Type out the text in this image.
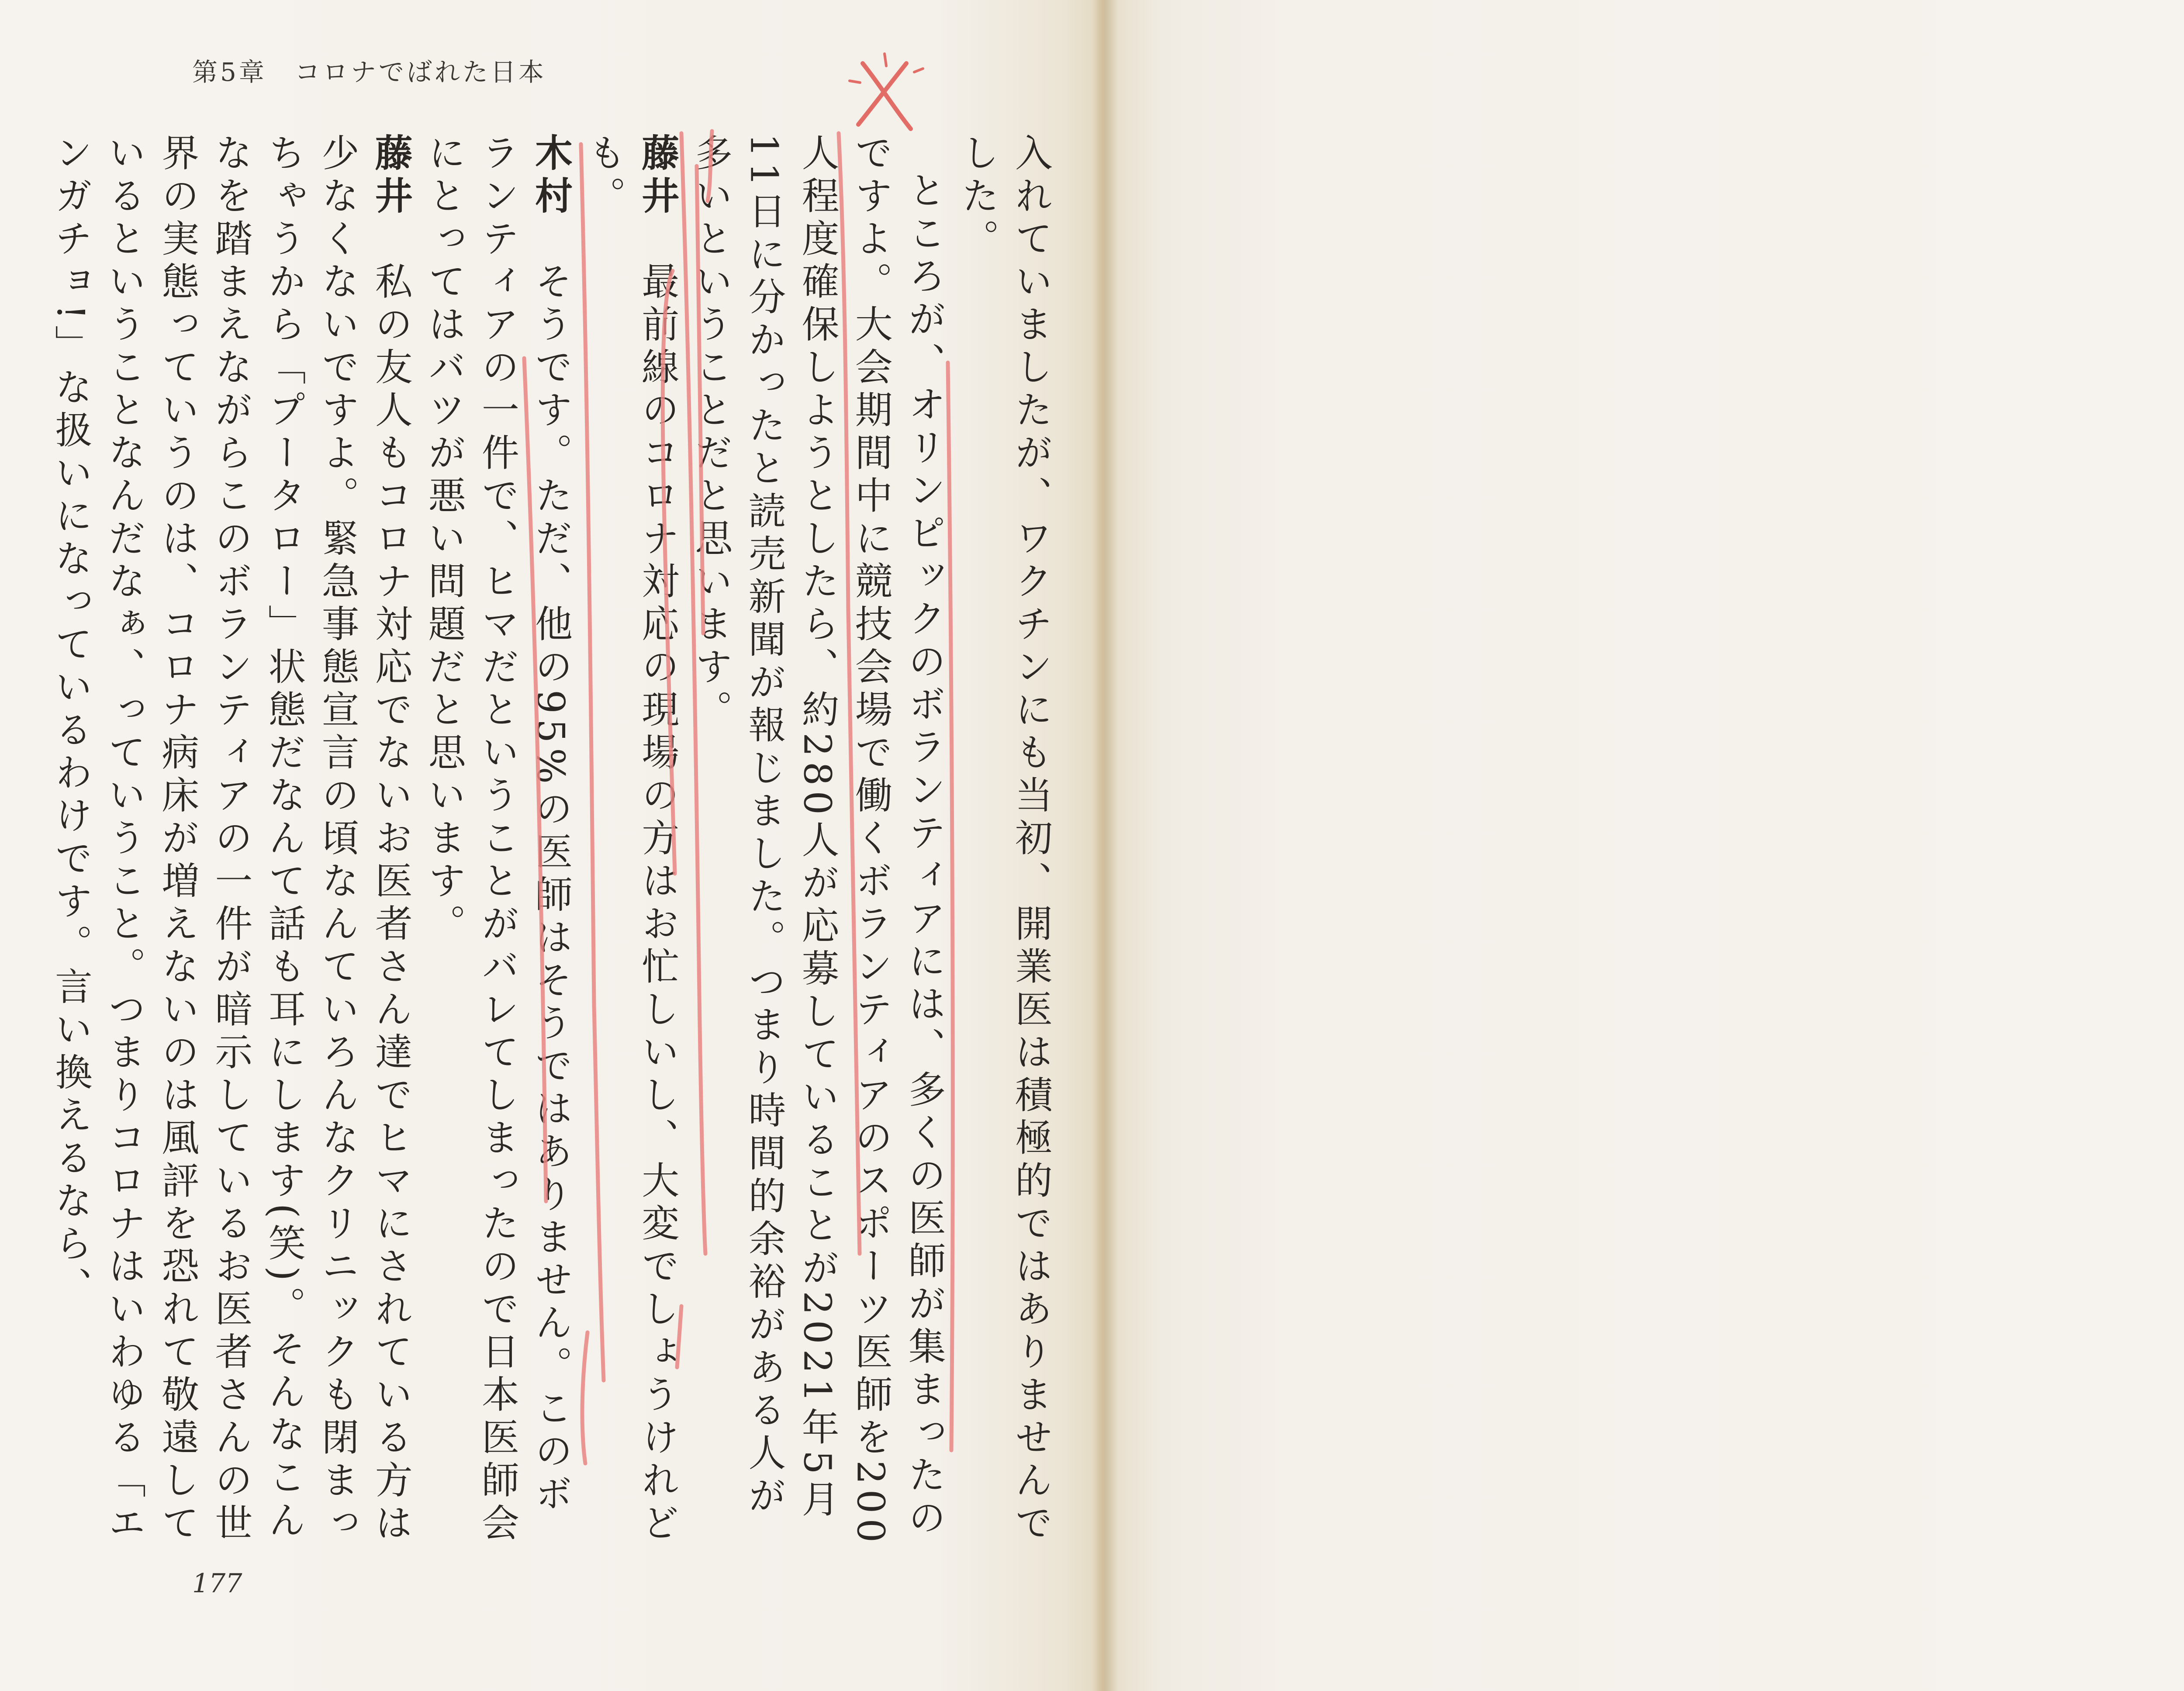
第5章　コロナでばれた日本

入れていましたが、ワクチンにも当初、開業医は積極的ではありませんでした。

ところが、オリンピックのボランティアには、多くの医師が集まったのですよ。大会期間中に競技会場で働くボランティアのスポーツ医師を200人程度確保しようとしたら、約280人が応募していることが2021年5月11日に分かったと読売新聞が報じました。つまり時間的余裕がある人が多いということだと思います。

藤井　最前線のコロナ対応の現場の方はお忙しいし、大変でしょうけれども。

木村　そうです。ただ、他の95%の医師はそうではありません。このボランティアの一件で、ヒマだということがバレてしまったので日本医師会にとってはバツが悪い問題だと思います。

藤井　私の友人もコロナ対応でないお医者さん達でヒマにされている方は少なくないですよ。緊急事態宣言の頃なんていろんなクリニックも閉まっちゃうから「プータロー」状態だなんて話も耳にします(笑)。そんなこんなを踏まえながらこのボランティアの一件が暗示しているお医者さんの世界の実態っていうのは、コロナ病床が増えないのは風評を恐れて敬遠しているということなんだなぁ、っていうこと。つまりコロナはいわゆる「エンガチョ!」な扱いになっているわけです。言い換えるなら、

177
